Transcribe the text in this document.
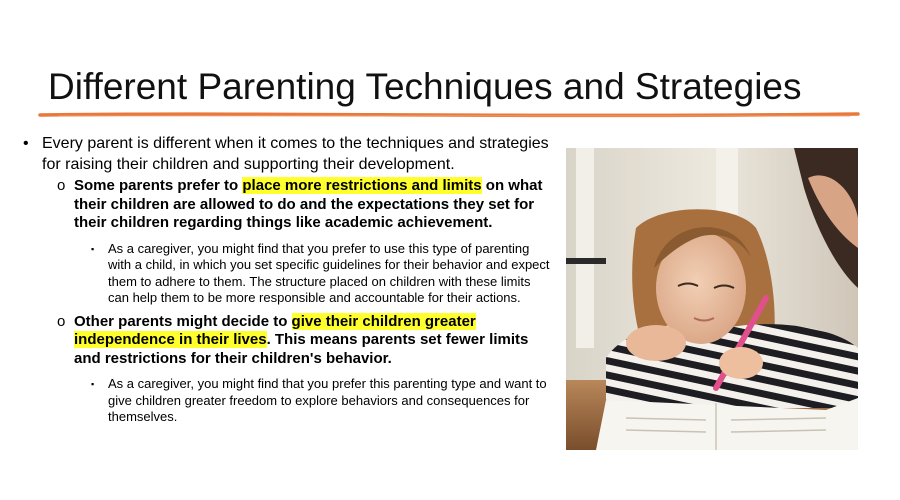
Different Parenting Techniques and Strategies

• Every parent is different when it comes to the techniques and strategies for raising their children and supporting their development.

o Some parents prefer to place more restrictions and limits on what their children are allowed to do and the expectations they set for their children regarding things like academic achievement.

▪ As a caregiver, you might find that you prefer to use this type of parenting with a child, in which you set specific guidelines for their behavior and expect them to adhere to them. The structure placed on children with these limits can help them to be more responsible and accountable for their actions.

o Other parents might decide to give their children greater independence in their lives. This means parents set fewer limits and restrictions for their children's behavior.

▪ As a caregiver, you might find that you prefer this parenting type and want to give children greater freedom to explore behaviors and consequences for themselves.
